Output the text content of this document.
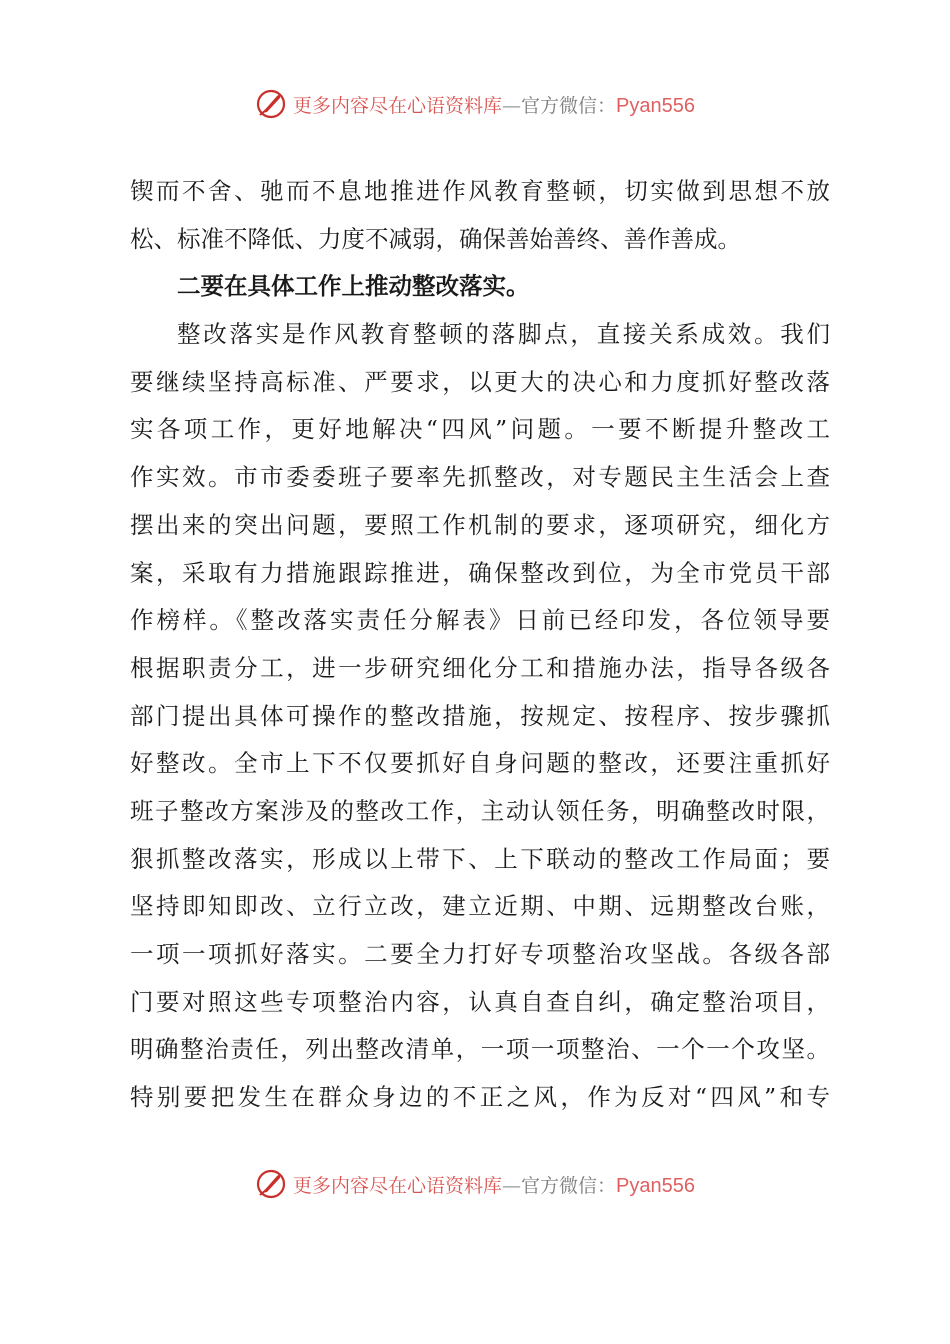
更多内容尽在心语资料库—官方微信：Pyan556
锲而不舍、驰而不息地推进作风教育整顿，切实做到思想不放
松、标准不降低、力度不减弱，确保善始善终、善作善成。
二要在具体工作上推动整改落实。
整改落实是作风教育整顿的落脚点，直接关系成效。我们
要继续坚持高标准、严要求，以更大的决心和力度抓好整改落
实各项工作，更好地解决“四风”问题。一要不断提升整改工
作实效。市市委委班子要率先抓整改，对专题民主生活会上查
摆出来的突出问题，要照工作机制的要求，逐项研究，细化方
案，采取有力措施跟踪推进，确保整改到位，为全市党员干部
作榜样。《整改落实责任分解表》日前已经印发，各位领导要
根据职责分工，进一步研究细化分工和措施办法，指导各级各
部门提出具体可操作的整改措施，按规定、按程序、按步骤抓
好整改。全市上下不仅要抓好自身问题的整改，还要注重抓好
班子整改方案涉及的整改工作，主动认领任务，明确整改时限，
狠抓整改落实，形成以上带下、上下联动的整改工作局面；要
坚持即知即改、立行立改，建立近期、中期、远期整改台账，
一项一项抓好落实。二要全力打好专项整治攻坚战。各级各部
门要对照这些专项整治内容，认真自查自纠，确定整治项目，
明确整治责任，列出整改清单，一项一项整治、一个一个攻坚。
特别要把发生在群众身边的不正之风，作为反对“四风”和专
更多内容尽在心语资料库—官方微信：Pyan556
